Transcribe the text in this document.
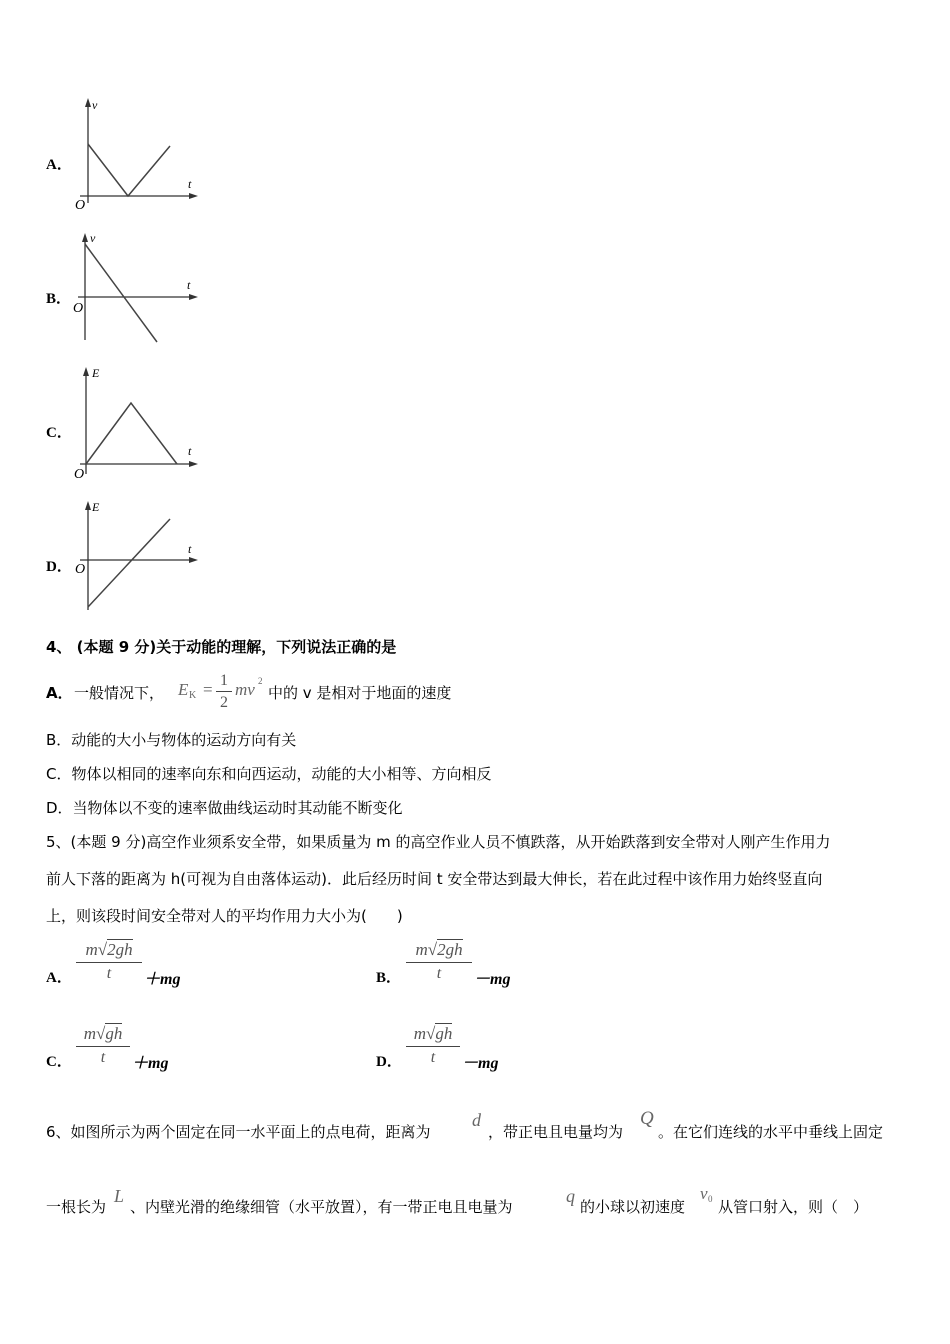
A．
v
t
O
B．
v
t
O
C．
E
t
O
D．
E
t
O
4、 (本题 9 分)关于动能的理解，下列说法正确的是
A． 一般情况下， E $K = \frac{1}{2}$ mv 2
中的 v 是相对于地面的速度
B．动能的大小与物体的运动方向有关
C．物体以相同的速率向东和向西运动，动能的大小相等、方向相反
D．当物体以不变的速率做曲线运动时其动能不断变化
5、(本题 9 分)高空作业须系安全带，如果质量为 m 的高空作业人员不慎跌落，从开始跌落到安全带对人刚产生作用力
前人下落的距离为 h(可视为自由落体运动)．此后经历时间 t 安全带达到最大伸长，若在此过程中该作用力始终竖直向
上，则该段时间安全带对人的平均作用力大小为(　　)
A． $\frac{m√2gh}{t} +mg$	B． $\frac{m√2gh}{t} -mg$
C． $\frac{m√gh}{t} +mg$	D． $\frac{m√gh}{t} -mg$
6、如图所示为两个固定在同一水平面上的点电荷，距离为
d
，带正电且电量均为
Q
。在它们连线的水平中垂线上固定
一根长为
L
、内壁光滑的绝缘细管（水平放置），有一带正电且电量为
q
的小球以初速度
v 0 从管口射入，则（　）
